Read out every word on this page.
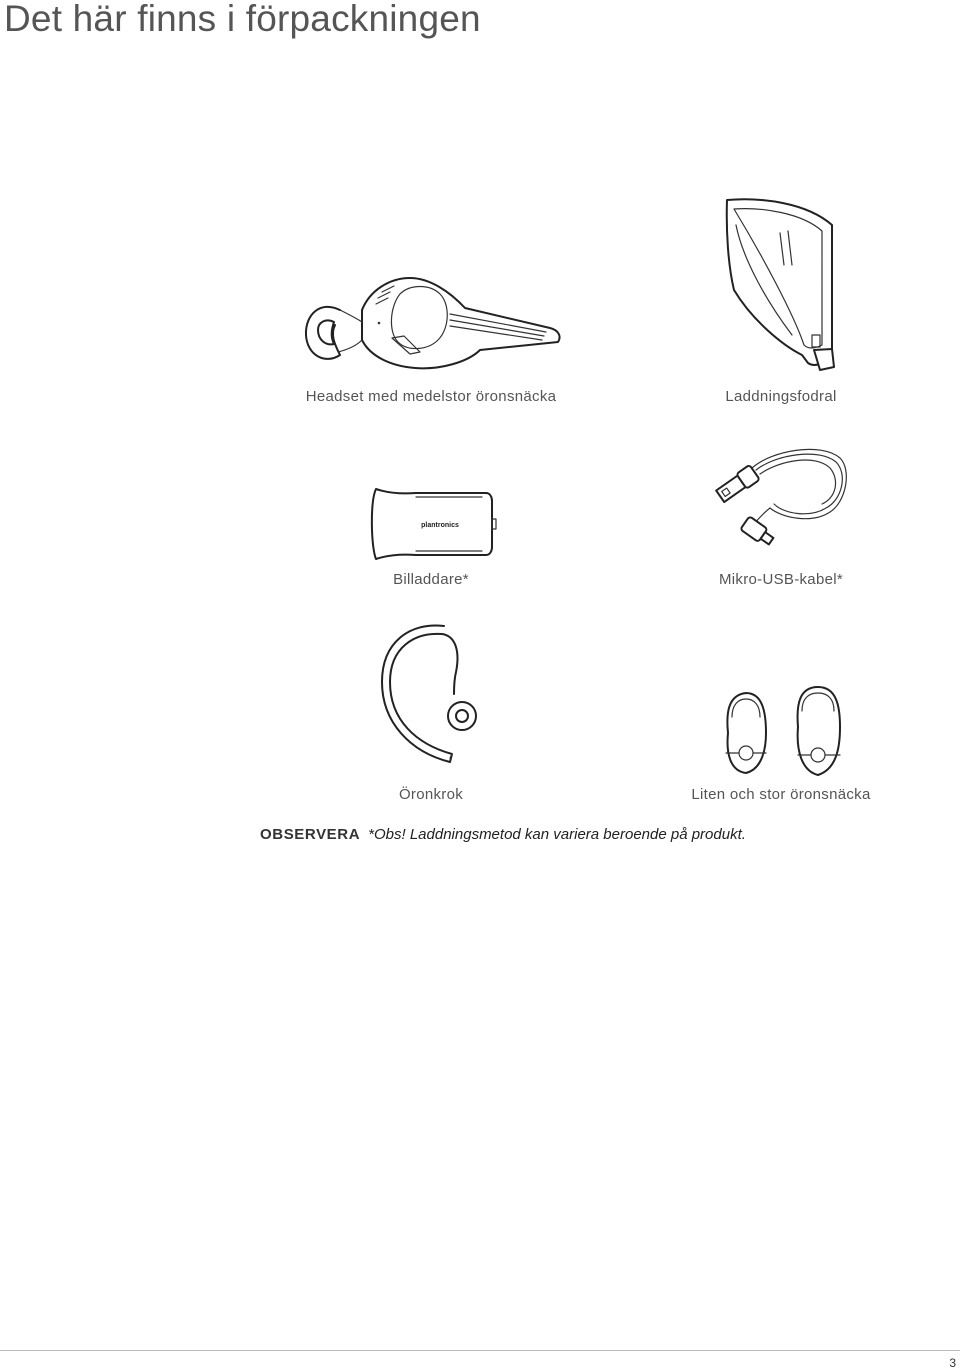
Det här finns i förpackningen
plantronics
Headset med medelstor öronsnäcka	Laddningsfodral
Billaddare*	Mikro-USB-kabel*
Öronkrok	Liten och stor öronsnäcka
OBSERVERA *Obs! Laddningsmetod kan variera beroende på produkt.
3
